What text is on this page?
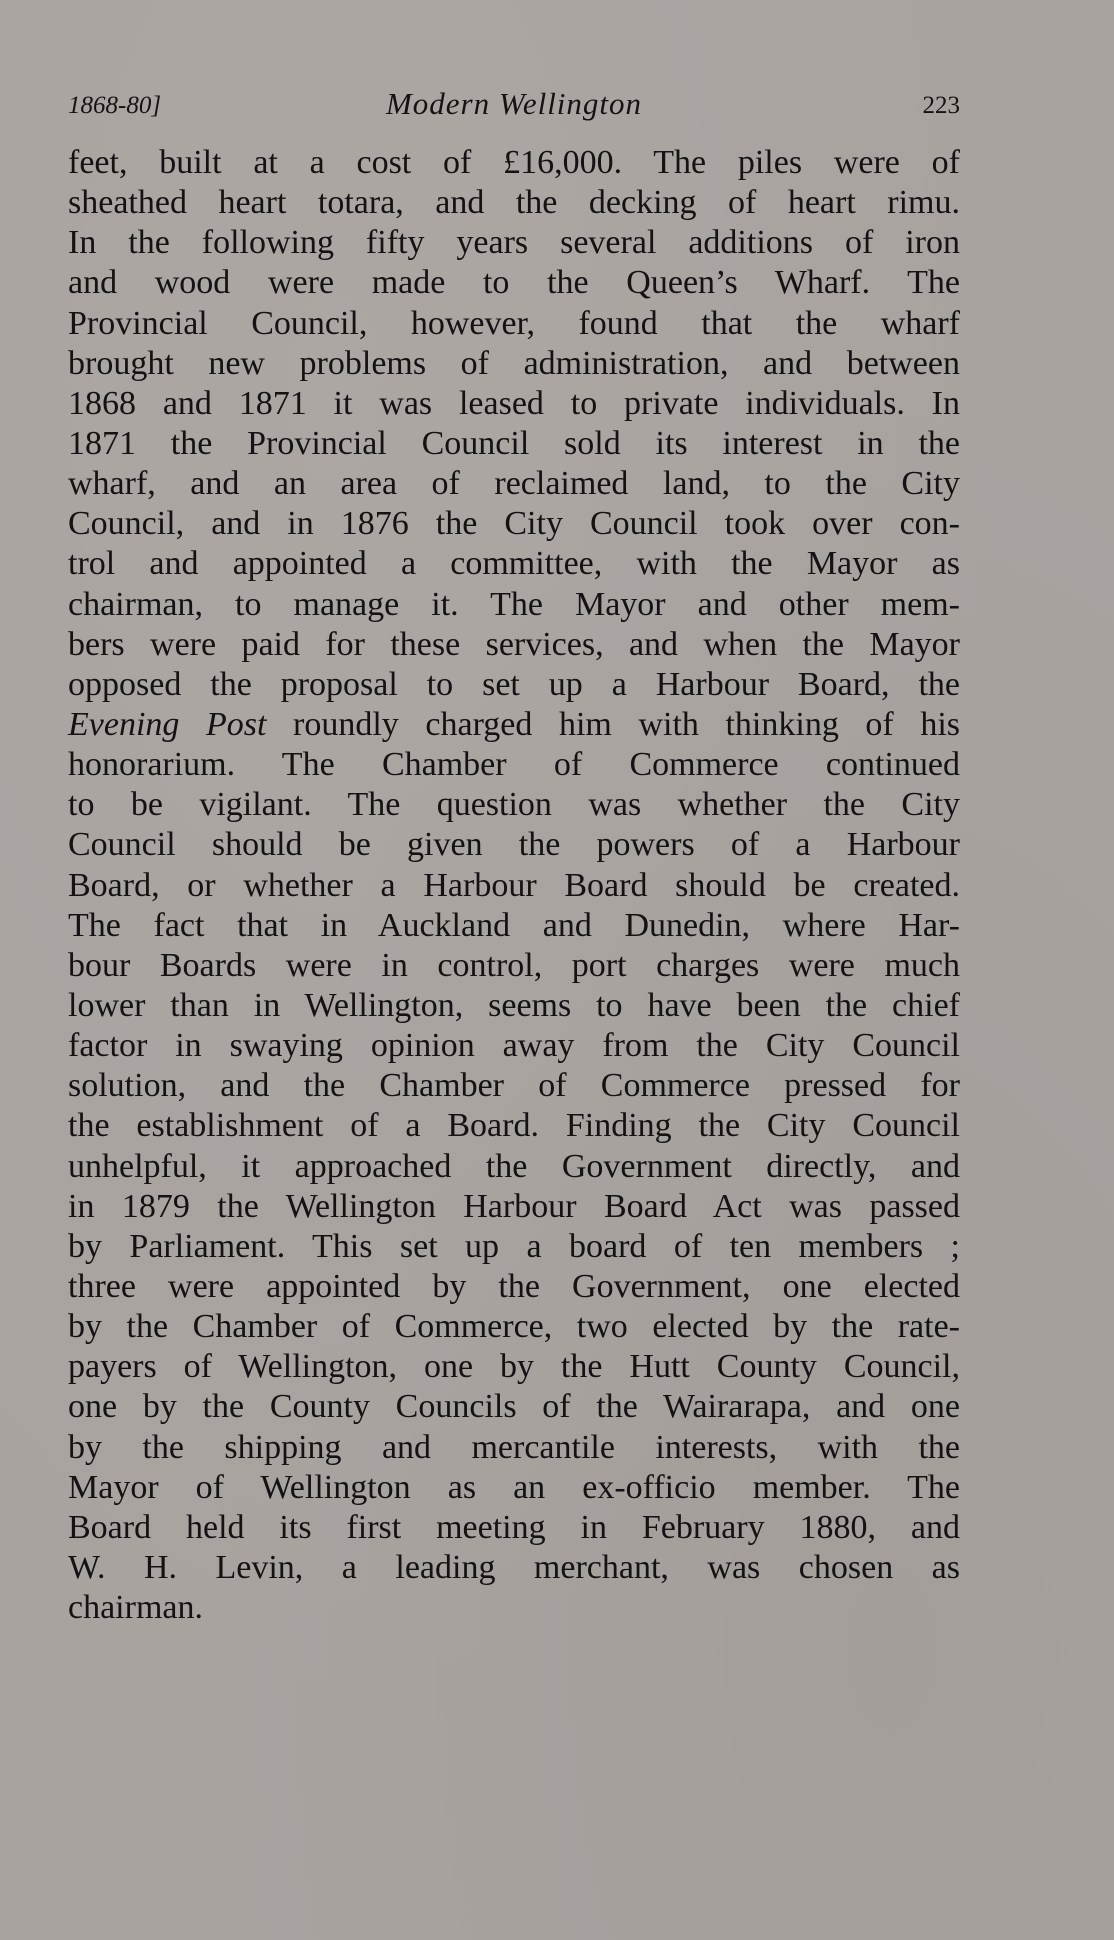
1868-80]	Modern Wellington	223
feet, built at a cost of £16,000. The piles were of
sheathed heart totara, and the decking of heart rimu.
In the following fifty years several additions of iron
and wood were made to the Queen’s Wharf. The
Provincial Council, however, found that the wharf
brought new problems of administration, and between
1868 and 1871 it was leased to private individuals. In
1871 the Provincial Council sold its interest in the
wharf, and an area of reclaimed land, to the City
Council, and in 1876 the City Council took over con-
trol and appointed a committee, with the Mayor as
chairman, to manage it. The Mayor and other mem-
bers were paid for these services, and when the Mayor
opposed the proposal to set up a Harbour Board, the
Evening Post roundly charged him with thinking of his
honorarium. The Chamber of Commerce continued
to be vigilant. The question was whether the City
Council should be given the powers of a Harbour
Board, or whether a Harbour Board should be created.
The fact that in Auckland and Dunedin, where Har-
bour Boards were in control, port charges were much
lower than in Wellington, seems to have been the chief
factor in swaying opinion away from the City Council
solution, and the Chamber of Commerce pressed for
the establishment of a Board. Finding the City Council
unhelpful, it approached the Government directly, and
in 1879 the Wellington Harbour Board Act was passed
by Parliament. This set up a board of ten members ;
three were appointed by the Government, one elected
by the Chamber of Commerce, two elected by the rate-
payers of Wellington, one by the Hutt County Council,
one by the County Councils of the Wairarapa, and one
by the shipping and mercantile interests, with the
Mayor of Wellington as an ex-officio member. The
Board held its first meeting in February 1880, and
W. H. Levin, a leading merchant, was chosen as
chairman.
